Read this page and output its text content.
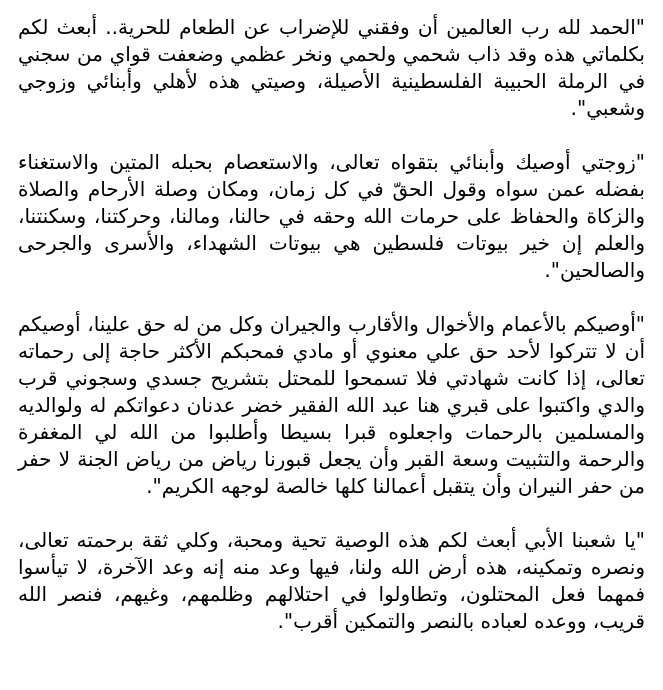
"الحمد لله رب العالمين أن وفقني للإضراب عن الطعام للحرية.. أبعث لكم بكلماتي هذه وقد ذاب شحمي ولحمي ونخر عظمي وضعفت قواي من سجني في الرملة الحبيبة الفلسطينية الأصيلة، وصيتي هذه لأهلي وأبنائي وزوجي وشعبي".

"زوجتي أوصيك وأبنائي بتقواه تعالى، والاستعصام بحبله المتين والاستغناء بفضله عمن سواه وقول الحقّ في كل زمان، ومكان وصلة الأرحام والصلاة والزكاة والحفاظ على حرمات الله وحقه في حالنا، ومالنا، وحركتنا، وسكنتنا، والعلم إن خير بيوتات فلسطين هي بيوتات الشهداء، والأسرى والجرحى والصالحين".

"أوصيكم بالأعمام والأخوال والأقارب والجيران وكل من له حق علينا، أوصيكم أن لا تتركوا لأحد حق علي معنوي أو مادي فمحبكم الأكثر حاجة إلى رحماته تعالى، إذا كانت شهادتي فلا تسمحوا للمحتل بتشريح جسدي وسجوني قرب والدي واكتبوا على قبري هنا عبد الله الفقير خضر عدنان دعواتكم له ولوالديه والمسلمين بالرحمات واجعلوه قبرا بسيطا وأطلبوا من الله لي المغفرة والرحمة والتثبيت وسعة القبر وأن يجعل قبورنا رياض من رياض الجنة لا حفر من حفر النيران وأن يتقبل أعمالنا كلها خالصة لوجهه الكريم".

"يا شعبنا الأبي أبعث لكم هذه الوصية تحية ومحبة، وكلي ثقة برحمته تعالى، ونصره وتمكينه، هذه أرض الله ولنا، فيها وعد منه إنه وعد الآخرة، لا تيأسوا فمهما فعل المحتلون، وتطاولوا في احتلالهم وظلمهم، وغيهم، فنصر الله قريب، ووعده لعباده بالنصر والتمكين أقرب".
